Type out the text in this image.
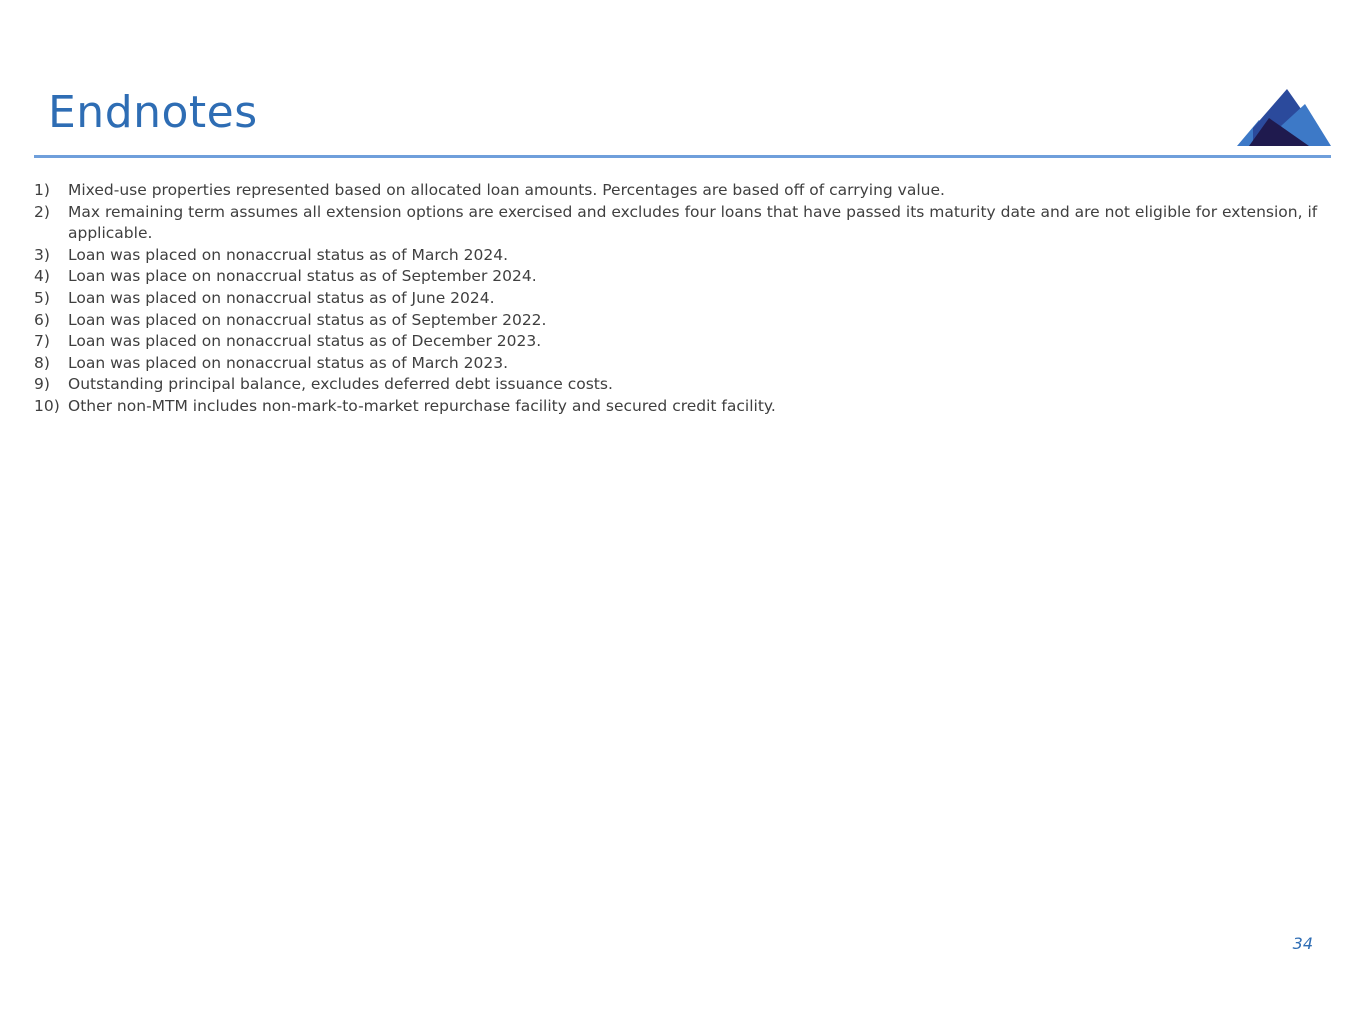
Endnotes
1)	Mixed-use properties represented based on allocated loan amounts. Percentages are based off of carrying value.
2)	Max remaining term assumes all extension options are exercised and excludes four loans that have passed its maturity date and are not eligible for extension, if applicable.
3)	Loan was placed on nonaccrual status as of March 2024.
4)	Loan was place on nonaccrual status as of September 2024.
5)	Loan was placed on nonaccrual status as of June 2024.
6)	Loan was placed on nonaccrual status as of September 2022.
7)	Loan was placed on nonaccrual status as of December 2023.
8)	Loan was placed on nonaccrual status as of March 2023.
9)	Outstanding principal balance, excludes deferred debt issuance costs.
10) Other non-MTM includes non-mark-to-market repurchase facility and secured credit facility.
34
